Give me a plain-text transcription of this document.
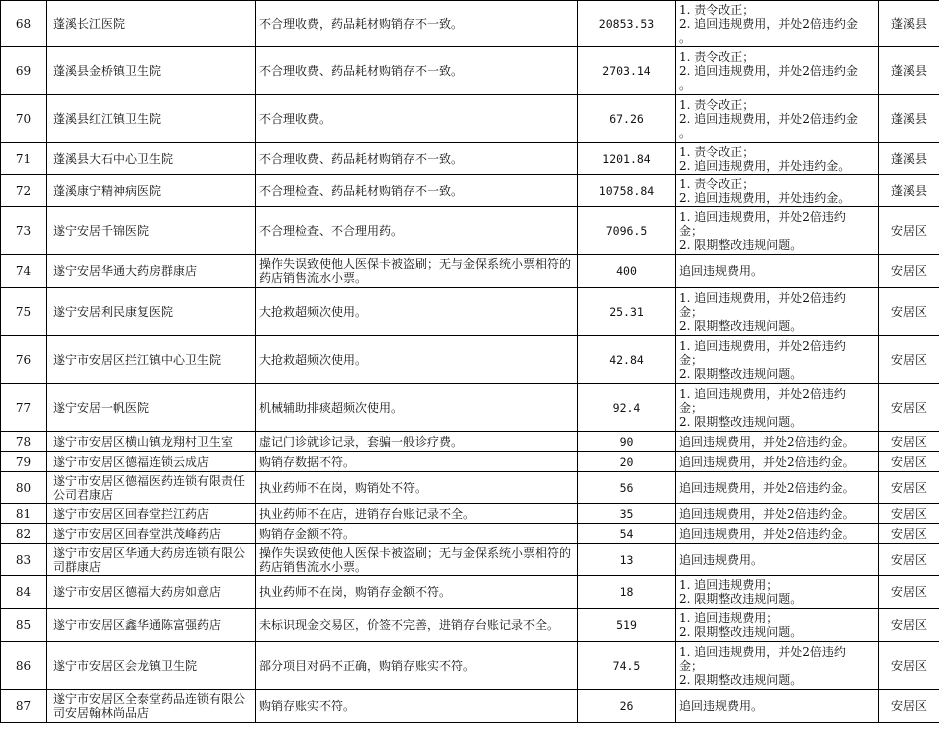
68	蓬溪长江医院	不合理收费，药品耗材购销存不一致。	20853.53	1. 责令改正；
2. 追回违规费用，并处2倍违约金
。	蓬溪县
69	蓬溪县金桥镇卫生院	不合理收费、药品耗材购销存不一致。	2703.14	1. 责令改正；
2. 追回违规费用，并处2倍违约金
。	蓬溪县
70	蓬溪县红江镇卫生院	不合理收费。	67.26	1. 责令改正；
2. 追回违规费用，并处2倍违约金
。	蓬溪县
71	蓬溪县大石中心卫生院	不合理收费、药品耗材购销存不一致。	1201.84	1. 责令改正；
2. 追回违规费用，并处违约金。	蓬溪县
72	蓬溪康宁精神病医院	不合理检查、药品耗材购销存不一致。	10758.84	1. 责令改正；
2. 追回违规费用，并处违约金。	蓬溪县
73	遂宁安居千锦医院	不合理检查、不合理用药。	7096.5	1. 追回违规费用，并处2倍违约
金；
2. 限期整改违规问题。	安居区
74	遂宁安居华通大药房群康店	操作失误致使他人医保卡被盗刷；无与金保系统小票相符的药店销售流水小票。	400	追回违规费用。	安居区
75	遂宁安居利民康复医院	大抢救超频次使用。	25.31	1. 追回违规费用，并处2倍违约
金；
2. 限期整改违规问题。	安居区
76	遂宁市安居区拦江镇中心卫生院	大抢救超频次使用。	42.84	1. 追回违规费用，并处2倍违约
金；
2. 限期整改违规问题。	安居区
77	遂宁安居一帆医院	机械辅助排痰超频次使用。	92.4	1. 追回违规费用，并处2倍违约
金；
2. 限期整改违规问题。	安居区
78	遂宁市安居区横山镇龙翔村卫生室	虚记门诊就诊记录，套骗一般诊疗费。	90	追回违规费用，并处2倍违约金。	安居区
79	遂宁市安居区德福连锁云成店	购销存数据不符。	20	追回违规费用，并处2倍违约金。	安居区
80	遂宁市安居区德福医药连锁有限责任公司君康店	执业药师不在岗，购销处不符。	56	追回违规费用，并处2倍违约金。	安居区
81	遂宁市安居区回春堂拦江药店	执业药师不在店，进销存台账记录不全。	35	追回违规费用，并处2倍违约金。	安居区
82	遂宁市安居区回春堂洪茂峰药店	购销存金额不符。	54	追回违规费用，并处2倍违约金。	安居区
83	遂宁市安居区华通大药房连锁有限公司群康店	操作失误致使他人医保卡被盗刷；无与金保系统小票相符的药店销售流水小票。	13	追回违规费用。	安居区
84	遂宁市安居区德福大药房如意店	执业药师不在岗，购销存金额不符。	18	1. 追回违规费用；
2. 限期整改违规问题。	安居区
85	遂宁市安居区鑫华通陈富强药店	未标识现金交易区，价签不完善，进销存台账记录不全。	519	1. 追回违规费用；
2. 限期整改违规问题。	安居区
86	遂宁市安居区会龙镇卫生院	部分项目对码不正确，购销存账实不符。	74.5	1. 追回违规费用，并处2倍违约
金；
2. 限期整改违规问题。	安居区
87	遂宁市安居区全泰堂药品连锁有限公司安居翰林尚品店	购销存账实不符。	26	追回违规费用。	安居区
